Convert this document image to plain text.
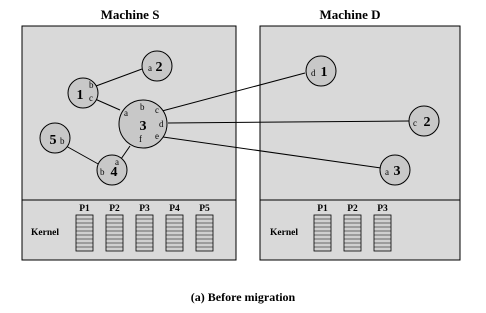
Machine S	Machine D
1
b
c
a 2
3
a
b c
d
e
f
5 b
4
a
b
d 1
c 2
a 3
Kernel
P1 P2 P3 P4 P5
Kernel
P1 P2 P3
(a) Before migration
